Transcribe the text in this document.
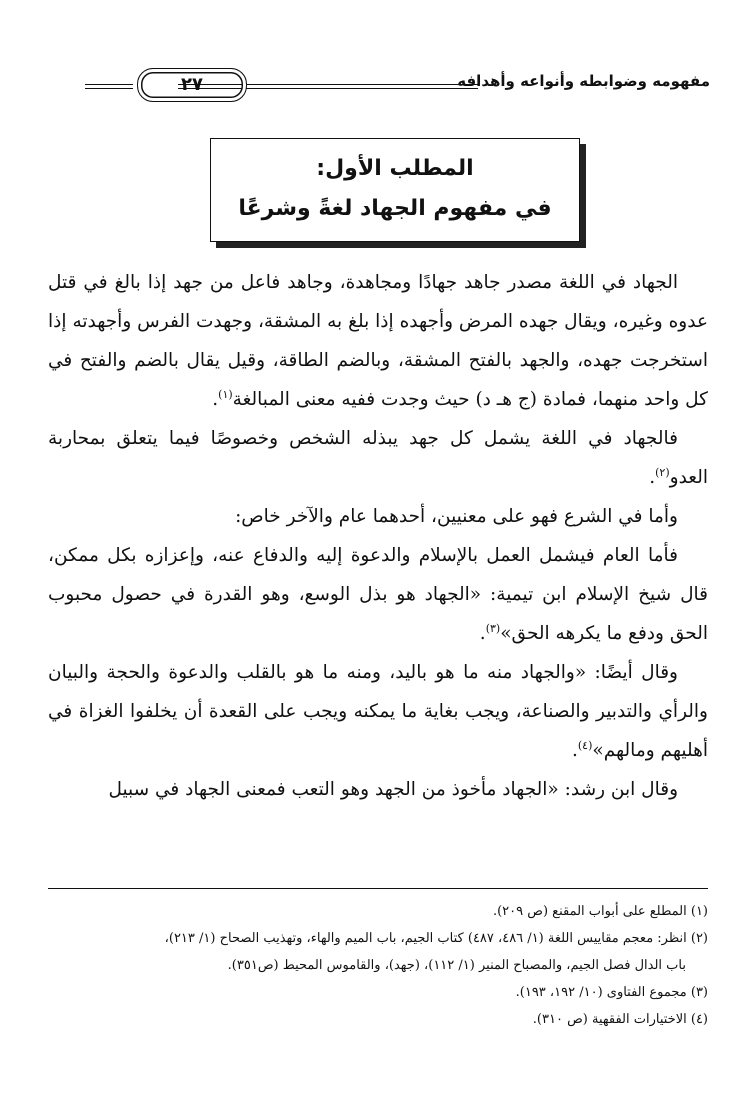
مفهومه وضوابطه وأنواعه وأهدافه
٢٧

المطلب الأول:

في مفهوم الجهاد لغةً وشرعًا

الجهاد في اللغة مصدر جاهد جهادًا ومجاهدة، وجاهد فاعل من جهد إذا بالغ في قتل عدوه وغيره، ويقال جهده المرض وأجهده إذا بلغ به المشقة، وجهدت الفرس وأجهدته إذا استخرجت جهده، والجهد بالفتح المشقة، وبالضم الطاقة، وقيل يقال بالضم والفتح في كل واحد منهما، فمادة (ج هـ د) حيث وجدت ففيه معنى المبالغة$^{(١)}$.

فالجهاد في اللغة يشمل كل جهد يبذله الشخص وخصوصًا فيما يتعلق بمحاربة العدو$^{(٢)}$.

وأما في الشرع فهو على معنيين، أحدهما عام والآخر خاص:

فأما العام فيشمل العمل بالإسلام والدعوة إليه والدفاع عنه، وإعزازه بكل ممكن، قال شيخ الإسلام ابن تيمية: «الجهاد هو بذل الوسع، وهو القدرة في حصول محبوب الحق ودفع ما يكرهه الحق»$^{(٣)}$.

وقال أيضًا: «والجهاد منه ما هو باليد، ومنه ما هو بالقلب والدعوة والحجة والبيان والرأي والتدبير والصناعة، ويجب بغاية ما يمكنه ويجب على القعدة أن يخلفوا الغزاة في أهليهم ومالهم»$^{(٤)}$.

وقال ابن رشد: «الجهاد مأخوذ من الجهد وهو التعب فمعنى الجهاد في سبيل

(١) المطلع على أبواب المقنع (ص ٢٠٩).

(٢) انظر: معجم مقاييس اللغة (١/ ٤٨٦، ٤٨٧) كتاب الجيم، باب الميم والهاء، وتهذيب الصحاح (١/ ٢١٣)،

باب الدال فصل الجيم، والمصباح المنير (١/ ١١٢)، (جهد)، والقاموس المحيط (ص٣٥١).

(٣) مجموع الفتاوى (١٠/ ١٩٢، ١٩٣).

(٤) الاختيارات الفقهية (ص ٣١٠).
